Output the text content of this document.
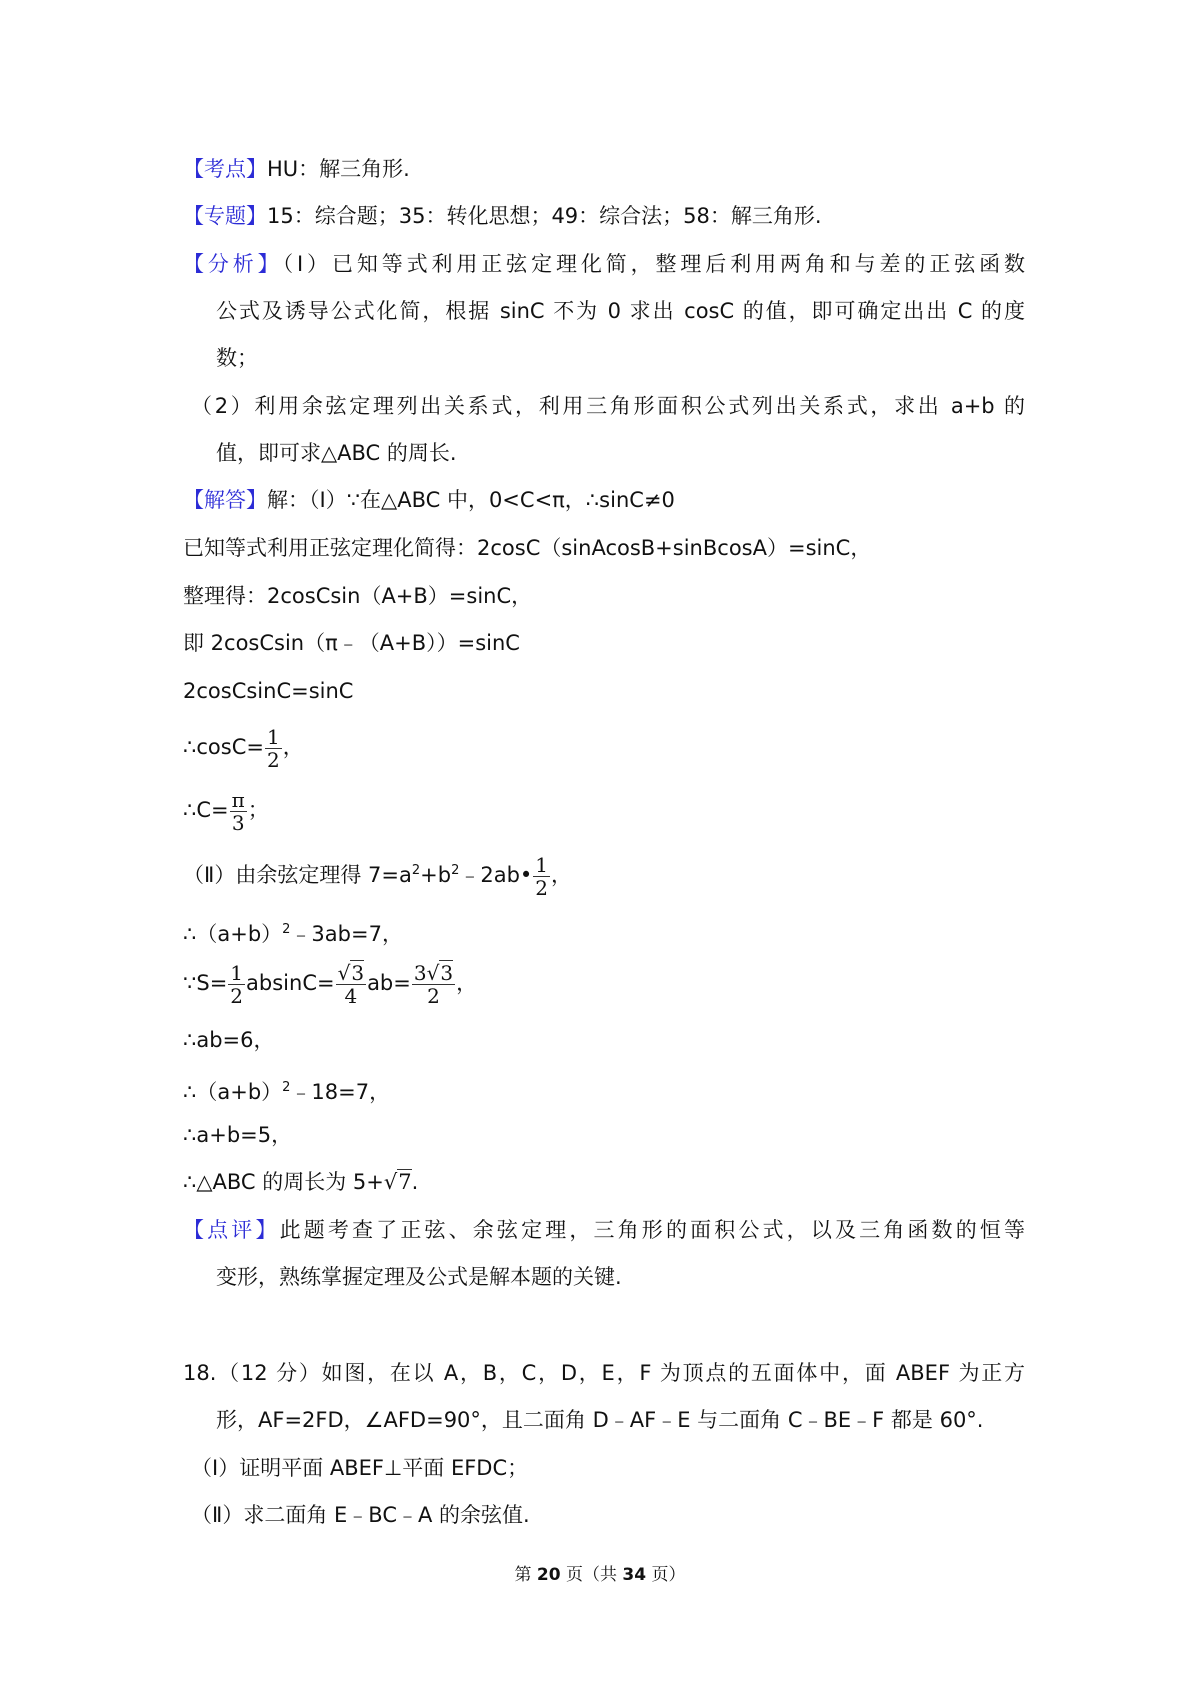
【考点】HU：解三角形.
【专题】15：综合题；35：转化思想；49：综合法；58：解三角形.
【分析】（Ⅰ）已知等式利用正弦定理化简，整理后利用两角和与差的正弦函数
公式及诱导公式化简，根据 sinC 不为 0 求出 cosC 的值，即可确定出出 C 的度
数；
（2）利用余弦定理列出关系式，利用三角形面积公式列出关系式，求出 a+b 的
值，即可求△ABC 的周长.
【解答】解：（Ⅰ）∵在△ABC 中，0<C<π，∴sinC≠0
已知等式利用正弦定理化简得：2cosC（sinAcosB+sinBcosA）=sinC，
整理得：2cosCsin（A+B）=sinC，
即 2cosCsin（π﹣（A+B））=sinC
2cosCsinC=sinC
∴cosC= $\frac{1}{2}$ ，
∴C= $\frac{\pi}{3}$ ；
（Ⅱ）由余弦定理得 $7=a^2+b^2﹣2ab• \frac{1}{2}$ ，
$\therefore(a+b)^2﹣3ab=7$，
∵S= $\frac{1}{2} absinC= \frac{√3}{4} ab= \frac{3√3}{2}$ ，
∴ab=6，
$\therefore(a+b)^2﹣18=7$，
∴a+b=5，
∴△ABC 的周长为 5+√7.
【点评】此题考查了正弦、余弦定理，三角形的面积公式，以及三角函数的恒等
变形，熟练掌握定理及公式是解本题的关键.
18.（12 分）如图，在以 A，B，C，D，E，F 为顶点的五面体中，面 ABEF 为正方
形，AF=2FD，∠AFD=90°，且二面角 D﹣AF﹣E 与二面角 C﹣BE﹣F 都是 60°.
（Ⅰ）证明平面 ABEF⊥平面 EFDC；
（Ⅱ）求二面角 E﹣BC﹣A 的余弦值.
第 20 页（共 34 页）
